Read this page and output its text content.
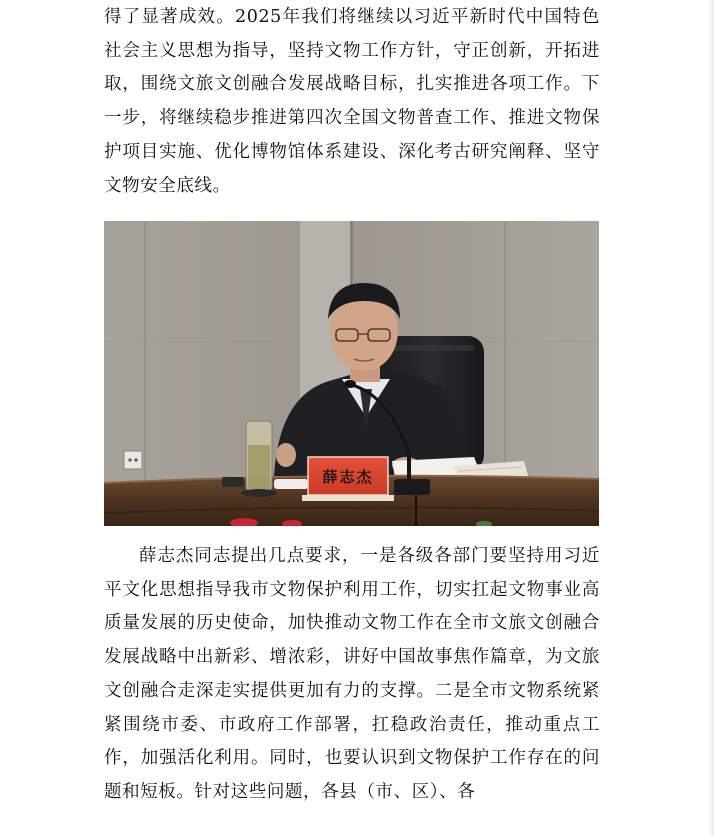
得了显著成效。2025年我们将继续以习近平新时代中国特色社会主义思想为指导，坚持文物工作方针，守正创新，开拓进取，围绕文旅文创融合发展战略目标，扎实推进各项工作。下一步，将继续稳步推进第四次全国文物普查工作、推进文物保护项目实施、优化博物馆体系建设、深化考古研究阐释、坚守文物安全底线。

薛志杰

薛志杰同志提出几点要求，一是各级各部门要坚持用习近平文化思想指导我市文物保护利用工作，切实扛起文物事业高质量发展的历史使命，加快推动文物工作在全市文旅文创融合发展战略中出新彩、增浓彩，讲好中国故事焦作篇章，为文旅文创融合走深走实提供更加有力的支撑。二是全市文物系统紧紧围绕市委、市政府工作部署，扛稳政治责任，推动重点工作，加强活化利用。同时，也要认识到文物保护工作存在的问题和短板。针对这些问题，各县（市、区）、各
